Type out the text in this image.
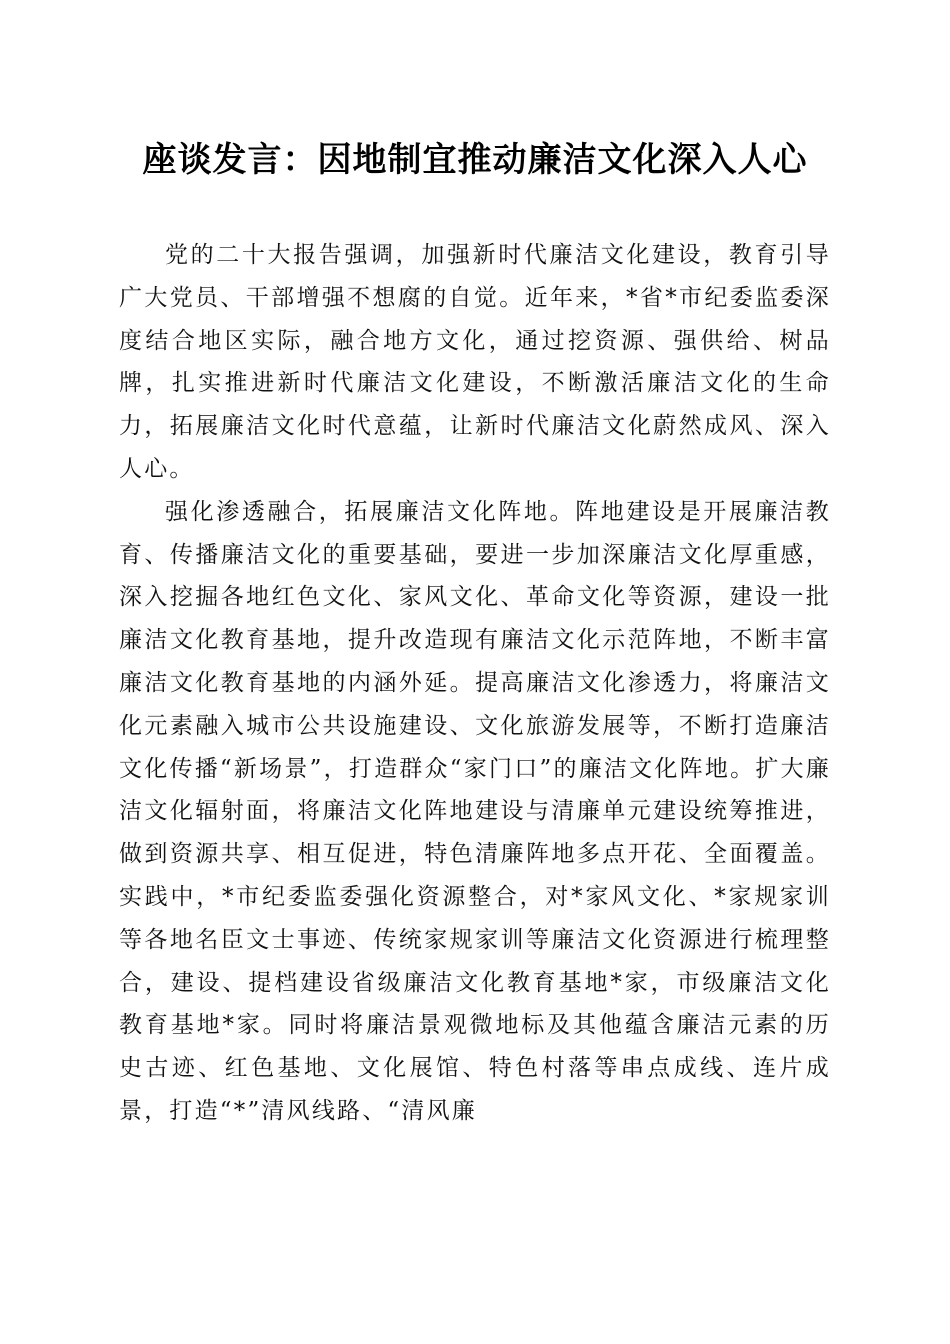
座谈发言：因地制宜推动廉洁文化深入人心

党的二十大报告强调，加强新时代廉洁文化建设，教育引导广大党员、干部增强不想腐的自觉。近年来，*省*市纪委监委深度结合地区实际，融合地方文化，通过挖资源、强供给、树品牌，扎实推进新时代廉洁文化建设，不断激活廉洁文化的生命力，拓展廉洁文化时代意蕴，让新时代廉洁文化蔚然成风、深入人心。

强化渗透融合，拓展廉洁文化阵地。阵地建设是开展廉洁教育、传播廉洁文化的重要基础，要进一步加深廉洁文化厚重感，深入挖掘各地红色文化、家风文化、革命文化等资源，建设一批廉洁文化教育基地，提升改造现有廉洁文化示范阵地，不断丰富廉洁文化教育基地的内涵外延。提高廉洁文化渗透力，将廉洁文化元素融入城市公共设施建设、文化旅游发展等，不断打造廉洁文化传播“新场景”，打造群众“家门口”的廉洁文化阵地。扩大廉洁文化辐射面，将廉洁文化阵地建设与清廉单元建设统筹推进，做到资源共享、相互促进，特色清廉阵地多点开花、全面覆盖。实践中，*市纪委监委强化资源整合，对*家风文化、*家规家训等各地名臣文士事迹、传统家规家训等廉洁文化资源进行梳理整合，建设、提档建设省级廉洁文化教育基地*家，市级廉洁文化教育基地*家。同时将廉洁景观微地标及其他蕴含廉洁元素的历史古迹、红色基地、文化展馆、特色村落等串点成线、连片成景，打造“*”清风线路、“清风廉
